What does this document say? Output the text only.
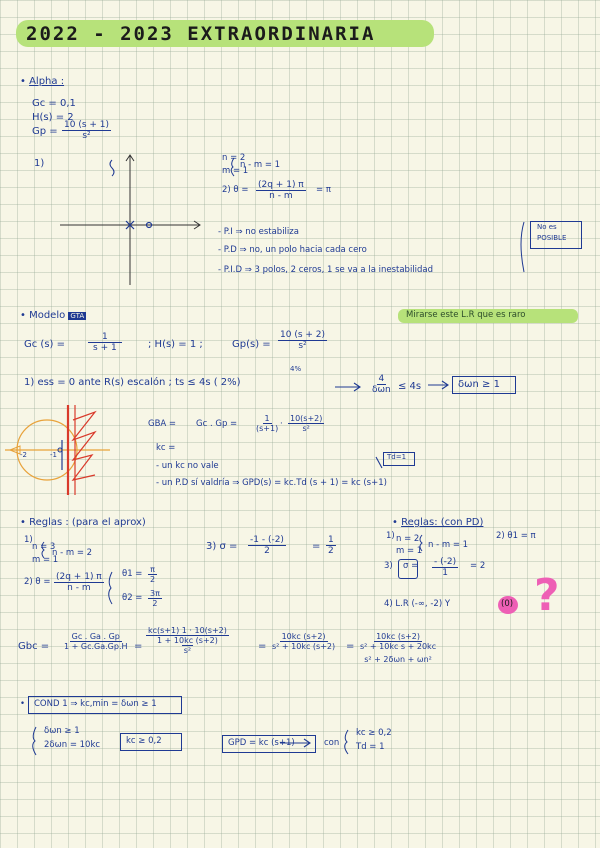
2022 - 2023 EXTRAORDINARIA
• Alpha :
Gc = 0,1
H(s) = 2
$Gp = \frac{10 (s + 1)}{\text{s²}}$
1)	n = 2
m = 1
n - m = 1
2) $\theta = \frac{(2q + 1) \pi}{n - m} = \pi$
- P.I ⇒ no estabiliza
- P.D ⇒ no, un polo hacia cada cero
- P.I.D ⇒ 3 polos, 2 ceros, 1 se va a la inestabilidad
No es
POSIBLE
• Modelo GTA	Mirarse este L.R que es raro
Gc (s) =	$\frac{1}{s + 1}$	; H(s) = 1 ;	$Gp(s) = \frac{10 (s + 2)}{\text{s²}}$
1) ess = 0 ante R(s) escalón ; ts ≤ 4s ( 2%)
4%
4
δωn ≤ 4s	δωn ≥ 1
-2	-1
GBA = Gc . $Gp = \frac{1}{(s+1)} \cdot \frac{10(s+2)}{\text{s²}}$
kc =
- un kc no vale
- un P.D sí valdría ⇒ GPD(s) = kc.Td (s + 1) = kc (s+1)
Td=1
• Reglas : (para el aprox)
1)
n = 3
m = 1
n - m = 2
2) $\theta = \frac{(2q + 1) \pi}{n - m} \theta 1 = \frac{\pi}{2}$
$\theta 2 = \frac{3\pi}{2}$
3) $\sigma = \frac{-1 - (-2)}{2}$	= $\frac{1}{2}$
• Reglas: (con PD)
1) n = 2
m = 1
n - m = 1
2) θ1 = π
3) $\sigma = \frac{- (-2)}{1} = 2$
4) L.R (-∞, -2) Y	(0) ?
Gbc = $\frac{Gc . Ga . Gp}{1 + Gc.Ga.Gp.H}$ =
kc(s+1) 1 · 10(s+2)
1 + 10kc (s+2)
s²	= $\frac{10kc (s+2)}{\text{s² + 10kc (s+2)}}$ =
10kc (s+2)
s² + 10kc s + 20kc
s² + 2δωn + ωn²
• COND 1 ⇒ kc,min = δωn ≥ 1
δωn ≥ 1
2δωn = 10kc	kc ≥ 0,2	GPD = kc (s+1)	con
kc ≥ 0,2
Td = 1
